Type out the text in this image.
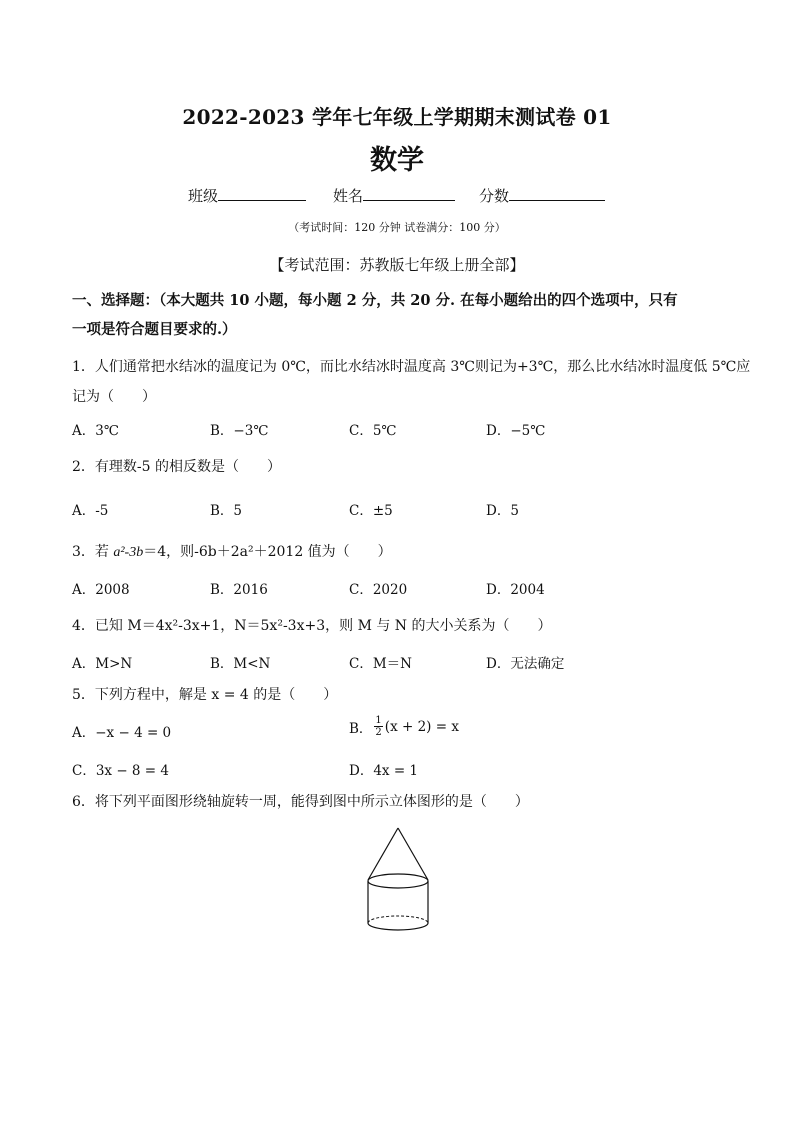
2022-2023 学年七年级上学期期末测试卷 01
数学
班级	姓名	分数
（考试时间：120 分钟 试卷满分：100 分）
【考试范围：苏教版七年级上册全部】
一、选择题：（本大题共 10 小题，每小题 2 分，共 20 分. 在每小题给出的四个选项中，只有
一项是符合题目要求的.）
1．人们通常把水结冰的温度记为 0℃，而比水结冰时温度高 3℃则记为+3℃，那么比水结冰时温度低 5℃应
记为（　　）
A．3℃	B．−3℃	C．5℃	D．−5℃
2．有理数-5 的相反数是（　　）
A．-5	B．5	C．±5	D．5
3．若 a²-3b＝4，则-6b＋2a²＋2012 值为（　　）
A．2008	B．2016	C．2020	D．2004
4．已知 M＝4x²-3x+1，N＝5x²-3x+3，则 M 与 N 的大小关系为（　　）
A．M>N	B．M<N	C．M＝N	D．无法确定
5．下列方程中，解是 x = 4 的是（　　）
A．−x − 4 = 0	B． $\frac{1}{2} (x + 2) = x$
C．3x − 8 = 4	D．4x = 1
6．将下列平面图形绕轴旋转一周，能得到图中所示立体图形的是（　　）
